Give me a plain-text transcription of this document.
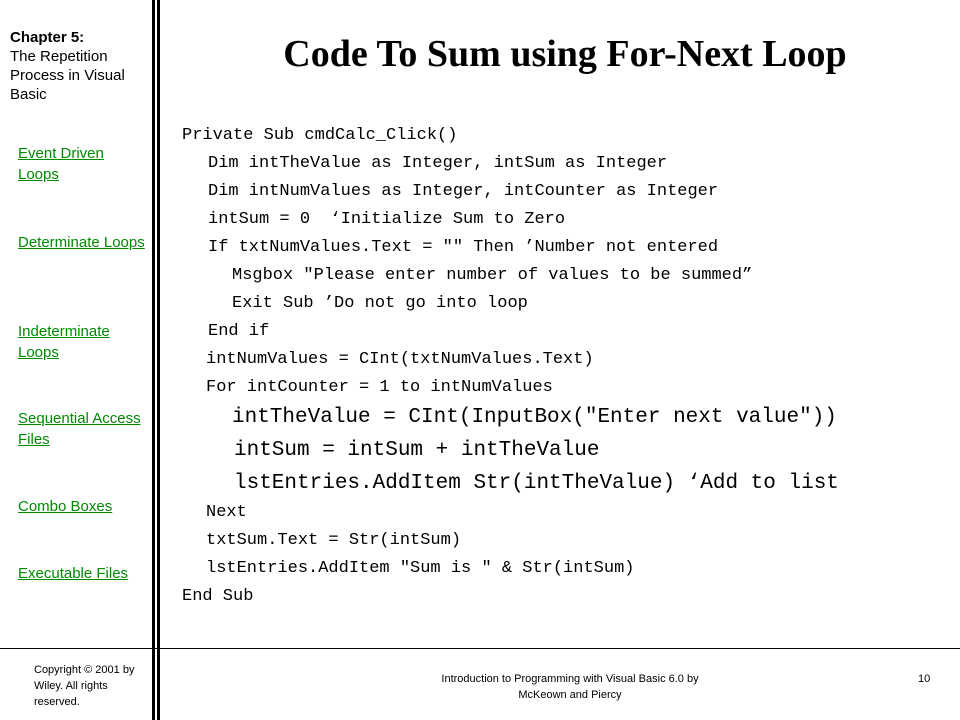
Chapter 5:
The Repetition Process in Visual Basic
Event Driven Loops
Determinate Loops
Indeterminate Loops
Sequential Access Files
Combo Boxes
Executable Files
Copyright © 2001 by Wiley. All rights reserved.
Introduction to Programming with Visual Basic 6.0 by McKeown and Piercy
10
Code To Sum using For-Next Loop
Private Sub cmdCalc_Click()
Dim intTheValue as Integer, intSum as Integer
Dim intNumValues as Integer, intCounter as Integer
intSum = 0  ‘Initialize Sum to Zero
If txtNumValues.Text = "" Then ’Number not entered
Msgbox "Please enter number of values to be summed”
Exit Sub ’Do not go into loop
End if
intNumValues = CInt(txtNumValues.Text)
For intCounter = 1 to intNumValues
intTheValue = CInt(InputBox("Enter next value"))
intSum = intSum + intTheValue
lstEntries.AddItem Str(intTheValue) ‘Add to list
Next
txtSum.Text = Str(intSum)
lstEntries.AddItem "Sum is " & Str(intSum)
End Sub
